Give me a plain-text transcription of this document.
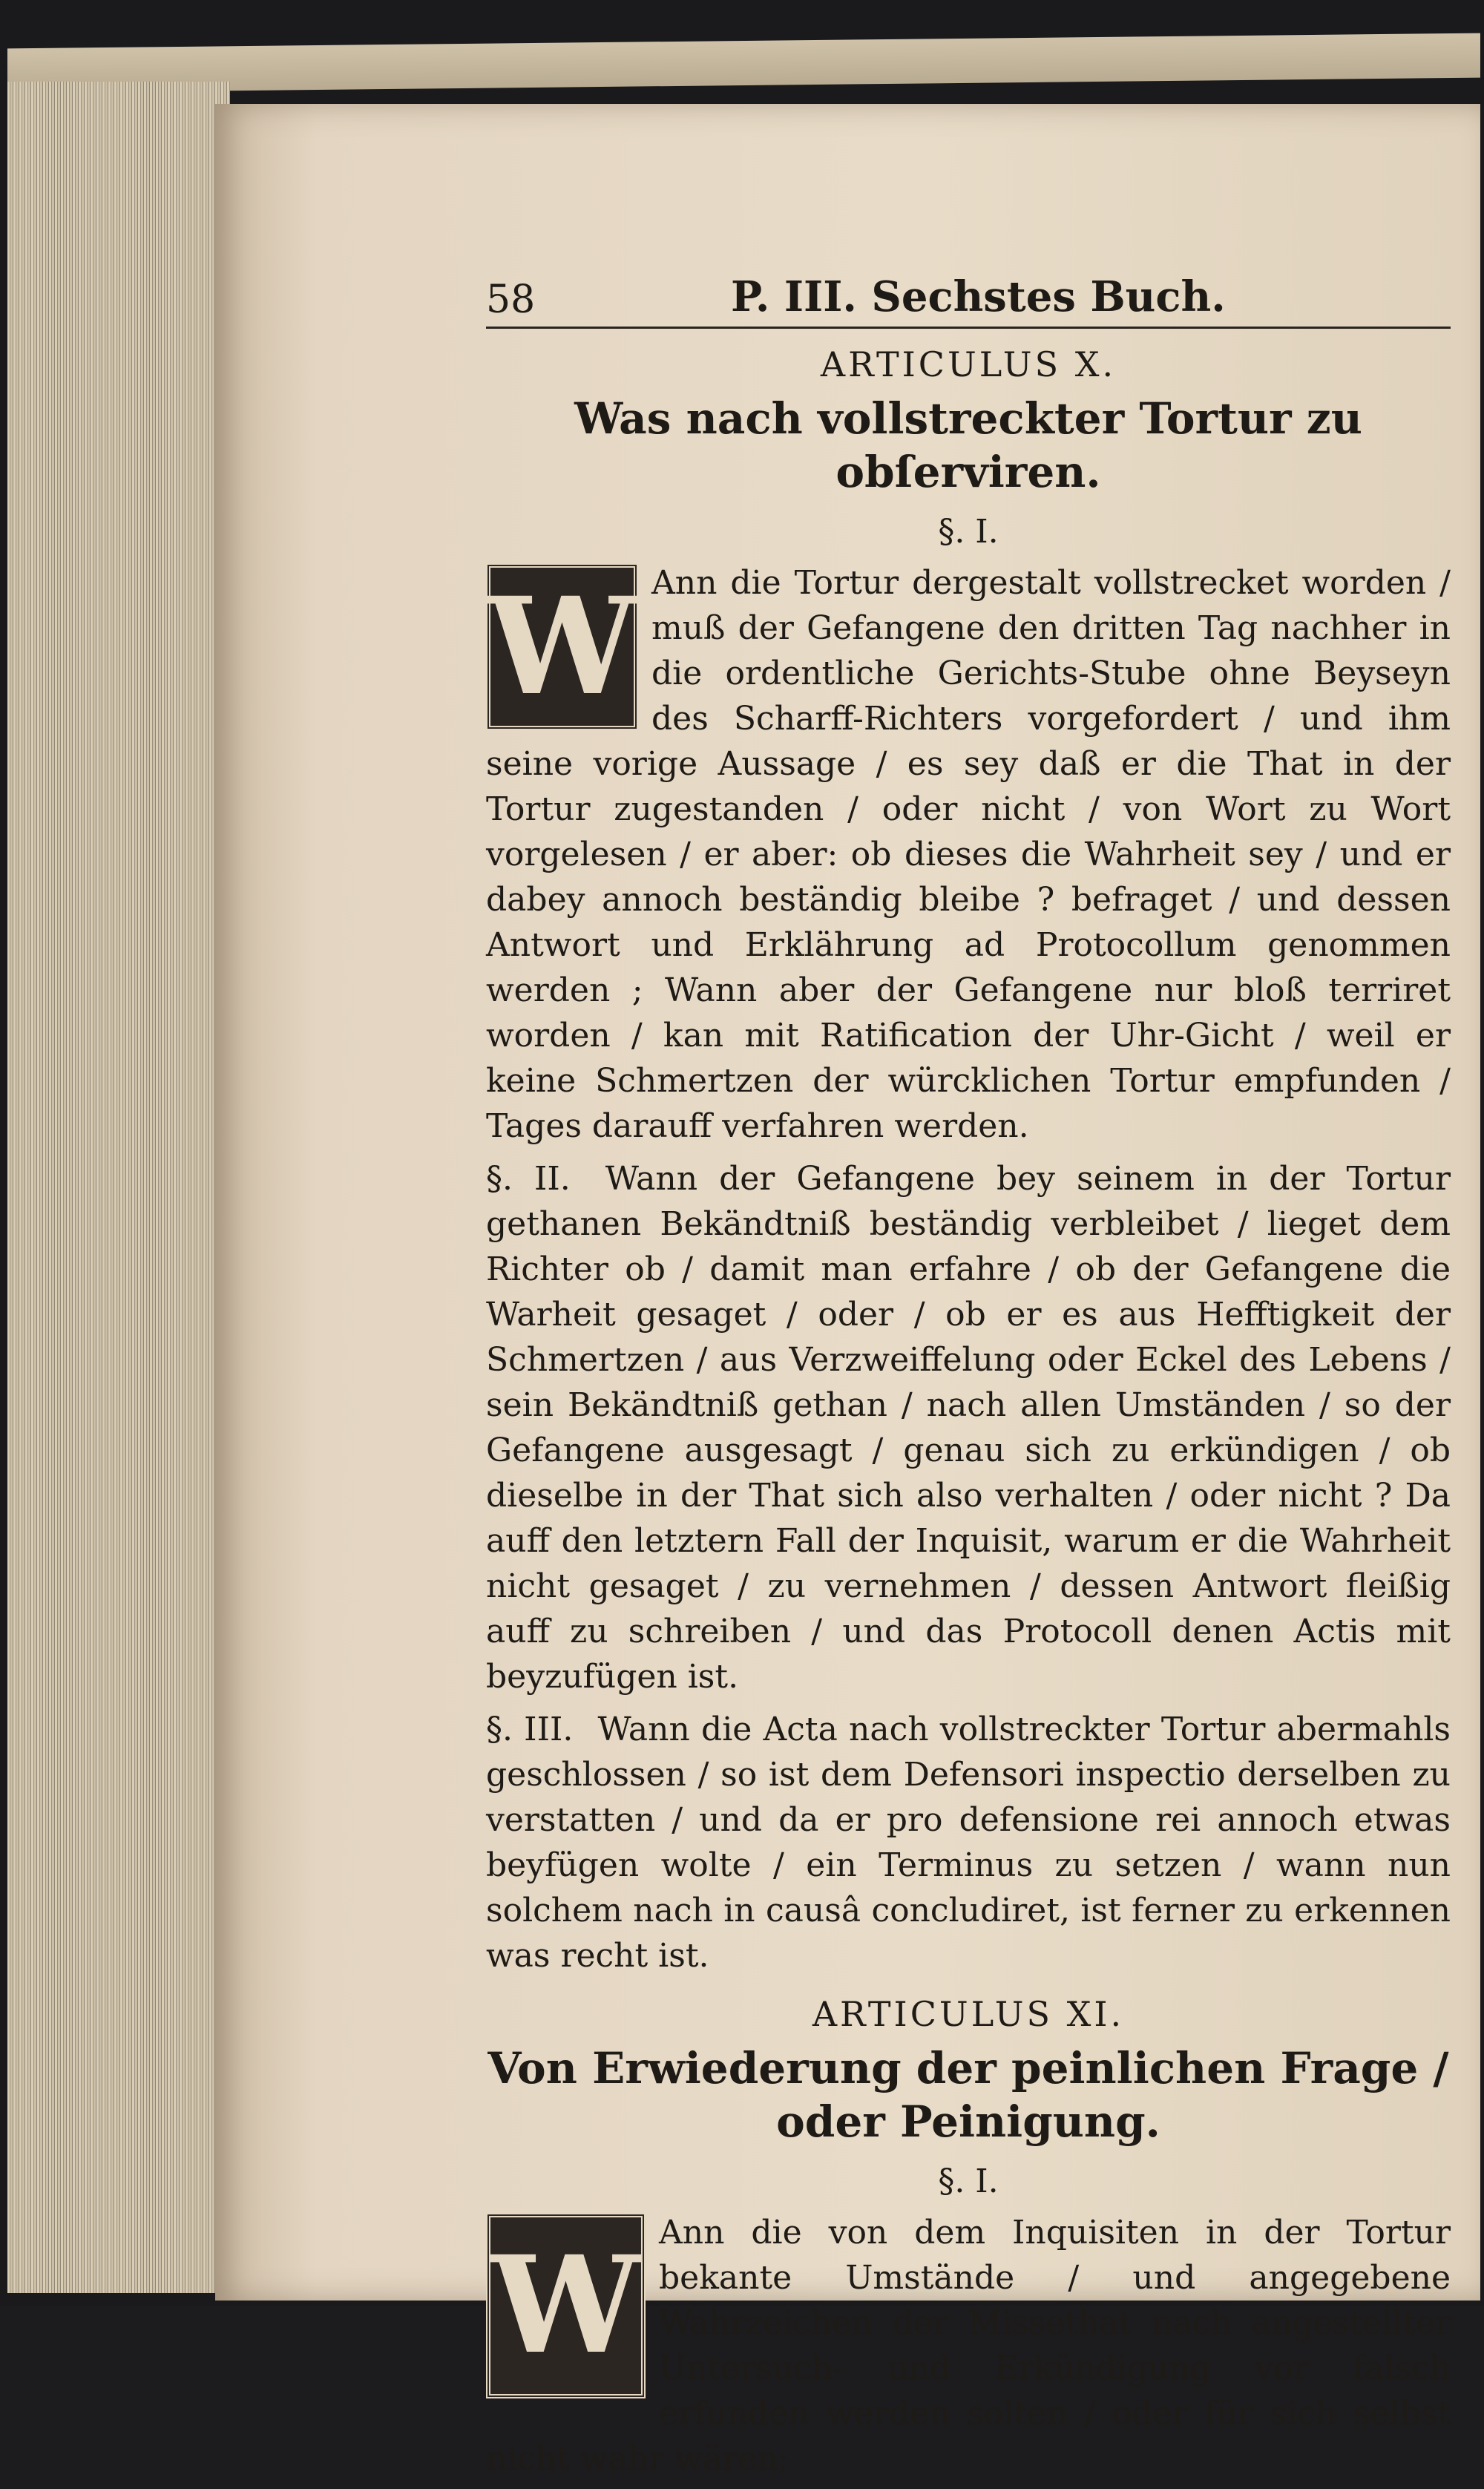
58	P. III. Sechstes Buch.
ARTICULUS X.
Was nach vollstreckter Tortur zu obſerviren.
§. I.
W Ann die Tortur dergestalt vollstrecket worden / muß der Gefangene den dritten Tag nachher in die ordentliche Gerichts-Stube ohne Beyseyn des Scharff-Richters vorgefordert / und ihm seine vorige Aussage / es sey daß er die That in der Tortur zugestanden / oder nicht / von Wort zu Wort vorgelesen / er aber: ob dieses die Wahrheit sey / und er dabey annoch beständig bleibe ? befraget / und dessen Antwort und Erklährung ad Protocollum genommen werden ; Wann aber der Gefangene nur bloß terriret worden / kan mit Ratification der Uhr-Gicht / weil er keine Schmertzen der würcklichen Tortur empfunden / Tages darauff verfahren werden.
§. II. Wann der Gefangene bey seinem in der Tortur gethanen Bekändtniß beständig verbleibet / lieget dem Richter ob / damit man erfahre / ob der Gefangene die Warheit gesaget / oder / ob er es aus Hefftigkeit der Schmertzen / aus Verzweiffelung oder Eckel des Lebens / sein Bekändtniß gethan / nach allen Umständen / so der Gefangene ausgesagt / genau sich zu erkündigen / ob dieselbe in der That sich also verhalten / oder nicht ? Da auff den letztern Fall der Inquisit, warum er die Wahrheit nicht gesaget / zu vernehmen / dessen Antwort fleißig auff zu schreiben / und das Protocoll denen Actis mit beyzufügen ist.
§. III. Wann die Acta nach vollstreckter Tortur abermahls geschlossen / so ist dem Defensori inspectio derselben zu verstatten / und da er pro defensione rei annoch etwas beyfügen wolte / ein Terminus zu setzen / wann nun solchem nach in causâ concludiret, ist ferner zu erkennen was recht ist.
ARTICULUS XI.
Von Erwiederung der peinlichen Frage /
oder Peinigung.
§. I.
W Ann die von dem Inquisiten in der Tortur bekante Umstände / und angegebene Wahrzeichen der Missethat nach angestellter Untersuch- und Erkündigung vor falsch erfunden werden solten / oder für sich selbst nicht wahr wären;
